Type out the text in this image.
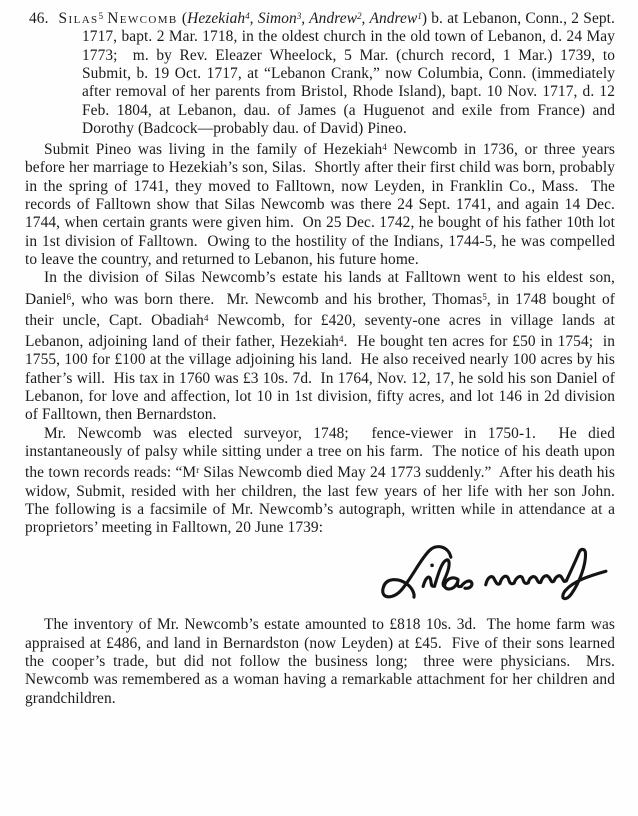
46. Silas$^5$ Newcomb (Hezekiah$^4$, Simon$^3$, Andrew$^2$, Andrew$^1$) b. at Lebanon, Conn., 2 Sept. 1717, bapt. 2 Mar. 1718, in the oldest church in the old town of Lebanon, d. 24 May 1773;  m. by Rev. Eleazer Wheelock, 5 Mar. (church record, 1 Mar.) 1739, to Submit, b. 19 Oct. 1717, at “Lebanon Crank,” now Columbia, Conn. (immediately after removal of her parents from Bristol, Rhode Island), bapt. 10 Nov. 1717, d. 12 Feb. 1804, at Lebanon, dau. of James (a Huguenot and exile from France) and Dorothy (Badcock—probably dau. of David) Pineo.

Submit Pineo was living in the family of Hezekiah$^4$ Newcomb in 1736, or three years before her marriage to Hezekiah’s son, Silas.  Shortly after their first child was born, probably in the spring of 1741, they moved to Falltown, now Leyden, in Franklin Co., Mass.  The records of Falltown show that Silas Newcomb was there 24 Sept. 1741, and again 14 Dec. 1744, when certain grants were given him.  On 25 Dec. 1742, he bought of his father 10th lot in 1st division of Falltown.  Owing to the hostility of the Indians, 1744-5, he was compelled to leave the country, and returned to Lebanon, his future home.

In the division of Silas Newcomb’s estate his lands at Falltown went to his eldest son, Daniel$^6$, who was born there.  Mr. Newcomb and his brother, Thomas$^5$, in 1748 bought of their uncle, Capt. Obadiah$^4$ Newcomb, for £420, seventy-one acres in village lands at Lebanon, adjoining land of their father, Hezekiah$^4$.  He bought ten acres for £50 in 1754;  in 1755, 100 for £100 at the village adjoining his land.  He also received nearly 100 acres by his father’s will.  His tax in 1760 was £3 10s. 7d.  In 1764, Nov. 12, 17, he sold his son Daniel of Lebanon, for love and affection, lot 10 in 1st division, fifty acres, and lot 146 in 2d division of Falltown, then Bernardston.

Mr. Newcomb was elected surveyor, 1748;  fence-viewer in 1750-1.  He died instantaneously of palsy while sitting under a tree on his farm.  The notice of his death upon the town records reads: “$M^r$ Silas Newcomb died May 24 1773 suddenly.”  After his death his widow, Submit, resided with her children, the last few years of her life with her son John.  The following is a facsimile of Mr. Newcomb’s autograph, written while in attendance at a proprietors’ meeting in Falltown, 20 June 1739:

The inventory of Mr. Newcomb’s estate amounted to £818 10s. 3d.  The home farm was appraised at £486, and land in Bernardston (now Leyden) at £45.  Five of their sons learned the cooper’s trade, but did not follow the business long;  three were physicians.  Mrs. Newcomb was remembered as a woman having a remarkable attachment for her children and grandchildren.
